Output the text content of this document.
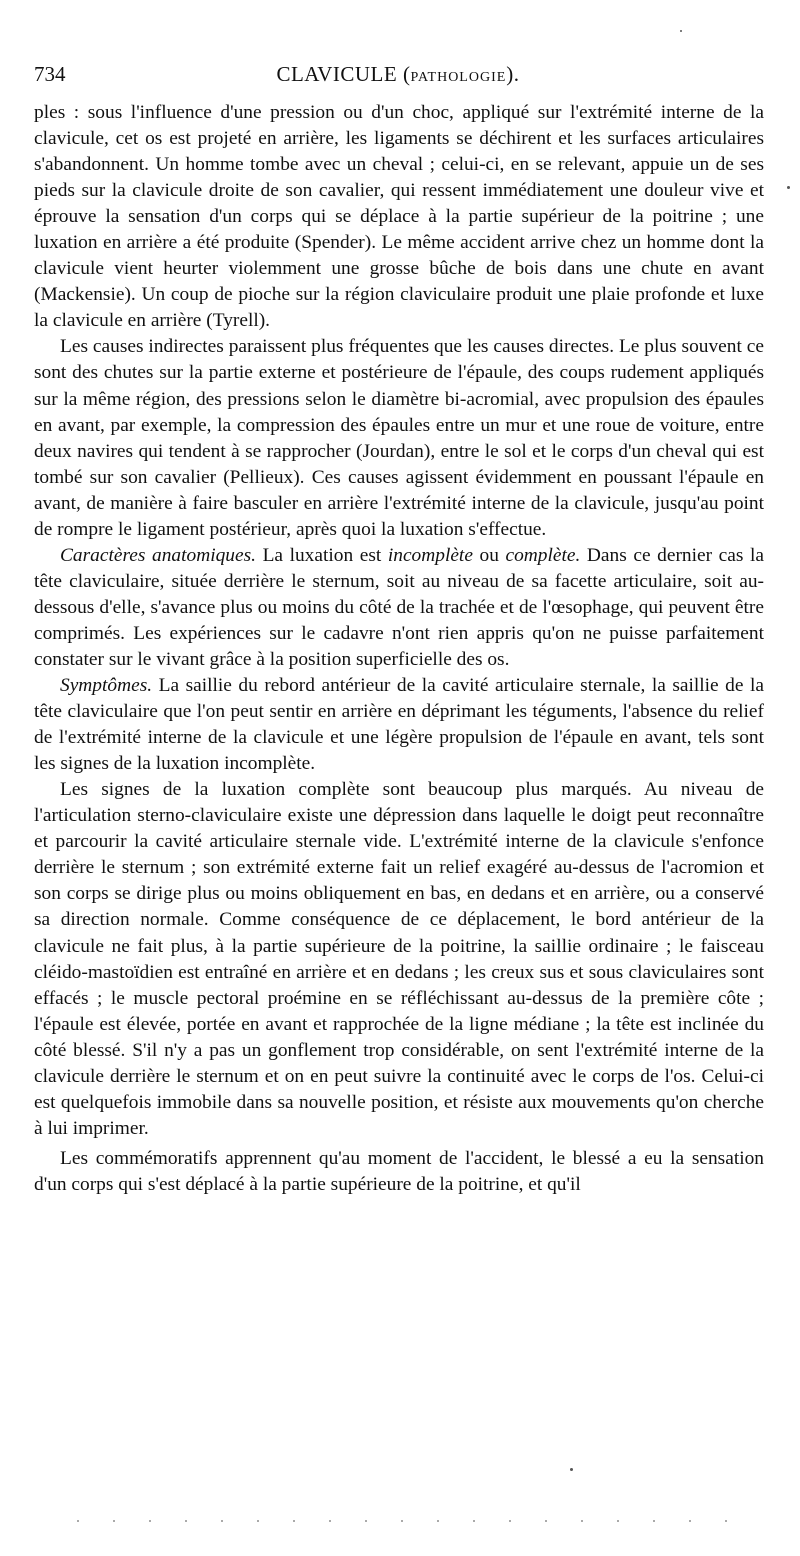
734	CLAVICULE (PATHOLOGIE).

ples : sous l'influence d'une pression ou d'un choc, appliqué sur l'extrémité interne de la clavicule, cet os est projeté en arrière, les ligaments se déchirent et les surfaces articulaires s'abandonnent. Un homme tombe avec un cheval ; celui-ci, en se relevant, appuie un de ses pieds sur la clavicule droite de son cavalier, qui ressent immédiatement une douleur vive et éprouve la sensation d'un corps qui se déplace à la partie supérieur de la poitrine ; une luxation en arrière a été produite (Spender). Le même accident arrive chez un homme dont la clavicule vient heurter violemment une grosse bûche de bois dans une chute en avant (Mackensie). Un coup de pioche sur la région claviculaire produit une plaie profonde et luxe la clavicule en arrière (Tyrell).

Les causes indirectes paraissent plus fréquentes que les causes directes. Le plus souvent ce sont des chutes sur la partie externe et postérieure de l'épaule, des coups rudement appliqués sur la même région, des pressions selon le diamètre bi-acromial, avec propulsion des épaules en avant, par exemple, la compression des épaules entre un mur et une roue de voiture, entre deux navires qui tendent à se rapprocher (Jourdan), entre le sol et le corps d'un cheval qui est tombé sur son cavalier (Pellieux). Ces causes agissent évidemment en poussant l'épaule en avant, de manière à faire basculer en arrière l'extrémité interne de la clavicule, jusqu'au point de rompre le ligament postérieur, après quoi la luxation s'effectue.

Caractères anatomiques. La luxation est incomplète ou complète. Dans ce dernier cas la tête claviculaire, située derrière le sternum, soit au niveau de sa facette articulaire, soit au-dessous d'elle, s'avance plus ou moins du côté de la trachée et de l'œsophage, qui peuvent être comprimés. Les expériences sur le cadavre n'ont rien appris qu'on ne puisse parfaitement constater sur le vivant grâce à la position superficielle des os.

Symptômes. La saillie du rebord antérieur de la cavité articulaire sternale, la saillie de la tête claviculaire que l'on peut sentir en arrière en déprimant les téguments, l'absence du relief de l'extrémité interne de la clavicule et une légère propulsion de l'épaule en avant, tels sont les signes de la luxation incomplète.

Les signes de la luxation complète sont beaucoup plus marqués. Au niveau de l'articulation sterno-claviculaire existe une dépression dans laquelle le doigt peut reconnaître et parcourir la cavité articulaire sternale vide. L'extrémité interne de la clavicule s'enfonce derrière le sternum ; son extrémité externe fait un relief exagéré au-dessus de l'acromion et son corps se dirige plus ou moins obliquement en bas, en dedans et en arrière, ou a conservé sa direction normale. Comme conséquence de ce déplacement, le bord antérieur de la clavicule ne fait plus, à la partie supérieure de la poitrine, la saillie ordinaire ; le faisceau cléido-mastoïdien est entraîné en arrière et en dedans ; les creux sus et sous claviculaires sont effacés ; le muscle pectoral proémine en se réfléchissant au-dessus de la première côte ; l'épaule est élevée, portée en avant et rapprochée de la ligne médiane ; la tête est inclinée du côté blessé. S'il n'y a pas un gonflement trop considérable, on sent l'extrémité interne de la clavicule derrière le sternum et on en peut suivre la continuité avec le corps de l'os. Celui-ci est quelquefois immobile dans sa nouvelle position, et résiste aux mouvements qu'on cherche à lui imprimer.

Les commémoratifs apprennent qu'au moment de l'accident, le blessé a eu la sensation d'un corps qui s'est déplacé à la partie supérieure de la poitrine, et qu'il
